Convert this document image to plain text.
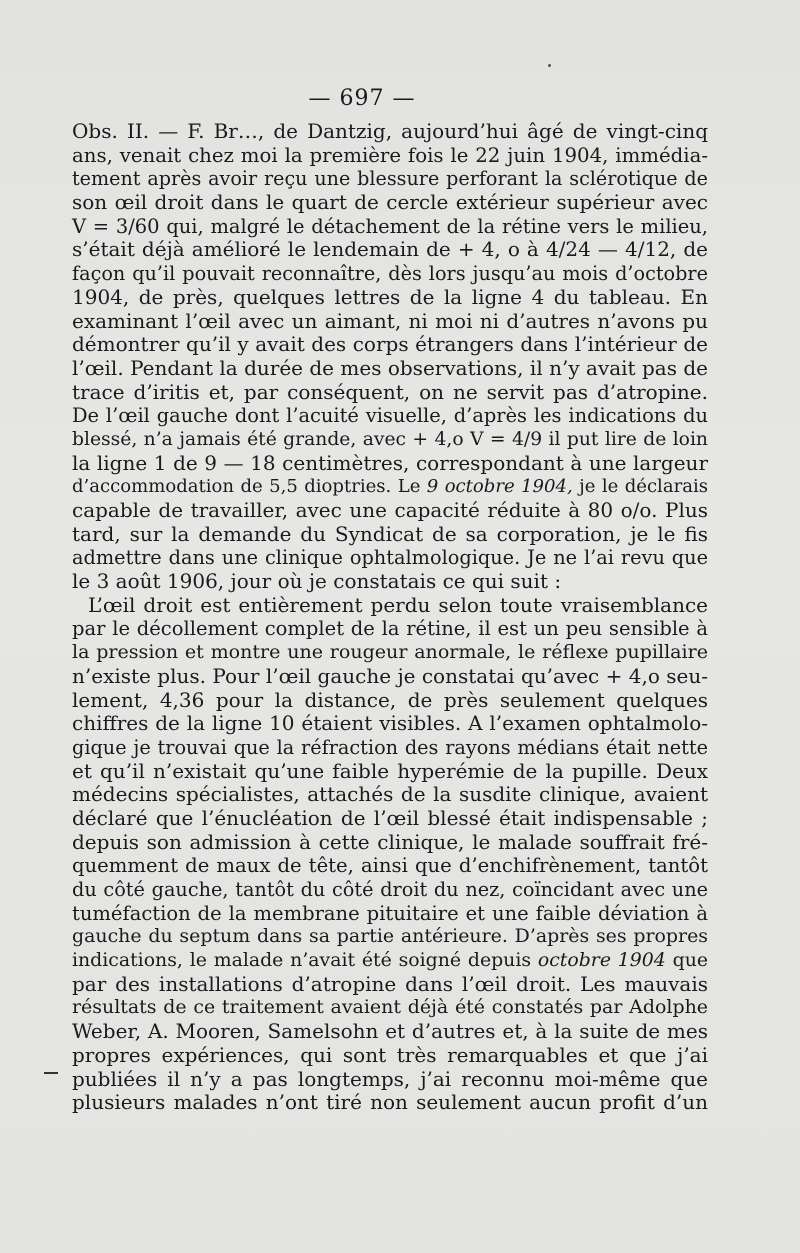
— 697 —
Obs. II. — F. Br…, de Dantzig, aujourd’hui âgé de vingt-cinq
ans, venait chez moi la première fois le 22 juin 1904, immédia-
tement après avoir reçu une blessure perforant la sclérotique de
son œil droit dans le quart de cercle extérieur supérieur avec
V = 3/60 qui, malgré le détachement de la rétine vers le milieu,
s’était déjà amélioré le lendemain de + 4, o à 4/24 — 4/12, de
façon qu’il pouvait reconnaître, dès lors jusqu’au mois d’octobre
1904, de près, quelques lettres de la ligne 4 du tableau. En
examinant l’œil avec un aimant, ni moi ni d’autres n’avons pu
démontrer qu’il y avait des corps étrangers dans l’intérieur de
l’œil. Pendant la durée de mes observations, il n’y avait pas de
trace d’iritis et, par conséquent, on ne servit pas d’atropine.
De l’œil gauche dont l’acuité visuelle, d’après les indications du
blessé, n’a jamais été grande, avec + 4,o V = 4/9 il put lire de loin
la ligne 1 de 9 — 18 centimètres, correspondant à une largeur
d’accommodation de 5,5 dioptries. Le 9 octobre 1904, je le déclarais
capable de travailler, avec une capacité réduite à 80 o/o. Plus
tard, sur la demande du Syndicat de sa corporation, je le fis
admettre dans une clinique ophtalmologique. Je ne l’ai revu que
le 3 août 1906, jour où je constatais ce qui suit :
L’œil droit est entièrement perdu selon toute vraisemblance
par le décollement complet de la rétine, il est un peu sensible à
la pression et montre une rougeur anormale, le réflexe pupillaire
n’existe plus. Pour l’œil gauche je constatai qu’avec + 4,o seu-
lement, 4,36 pour la distance, de près seulement quelques
chiffres de la ligne 10 étaient visibles. A l’examen ophtalmolo-
gique je trouvai que la réfraction des rayons médians était nette
et qu’il n’existait qu’une faible hyperémie de la pupille. Deux
médecins spécialistes, attachés de la susdite clinique, avaient
déclaré que l’énucléation de l’œil blessé était indispensable ;
depuis son admission à cette clinique, le malade souffrait fré-
quemment de maux de tête, ainsi que d’enchifrènement, tantôt
du côté gauche, tantôt du côté droit du nez, coïncidant avec une
tuméfaction de la membrane pituitaire et une faible déviation à
gauche du septum dans sa partie antérieure. D’après ses propres
indications, le malade n’avait été soigné depuis octobre 1904 que
par des installations d’atropine dans l’œil droit. Les mauvais
résultats de ce traitement avaient déjà été constatés par Adolphe
Weber, A. Mooren, Samelsohn et d’autres et, à la suite de mes
propres expériences, qui sont très remarquables et que j’ai
publiées il n’y a pas longtemps, j’ai reconnu moi-même que
plusieurs malades n’ont tiré non seulement aucun profit d’un
